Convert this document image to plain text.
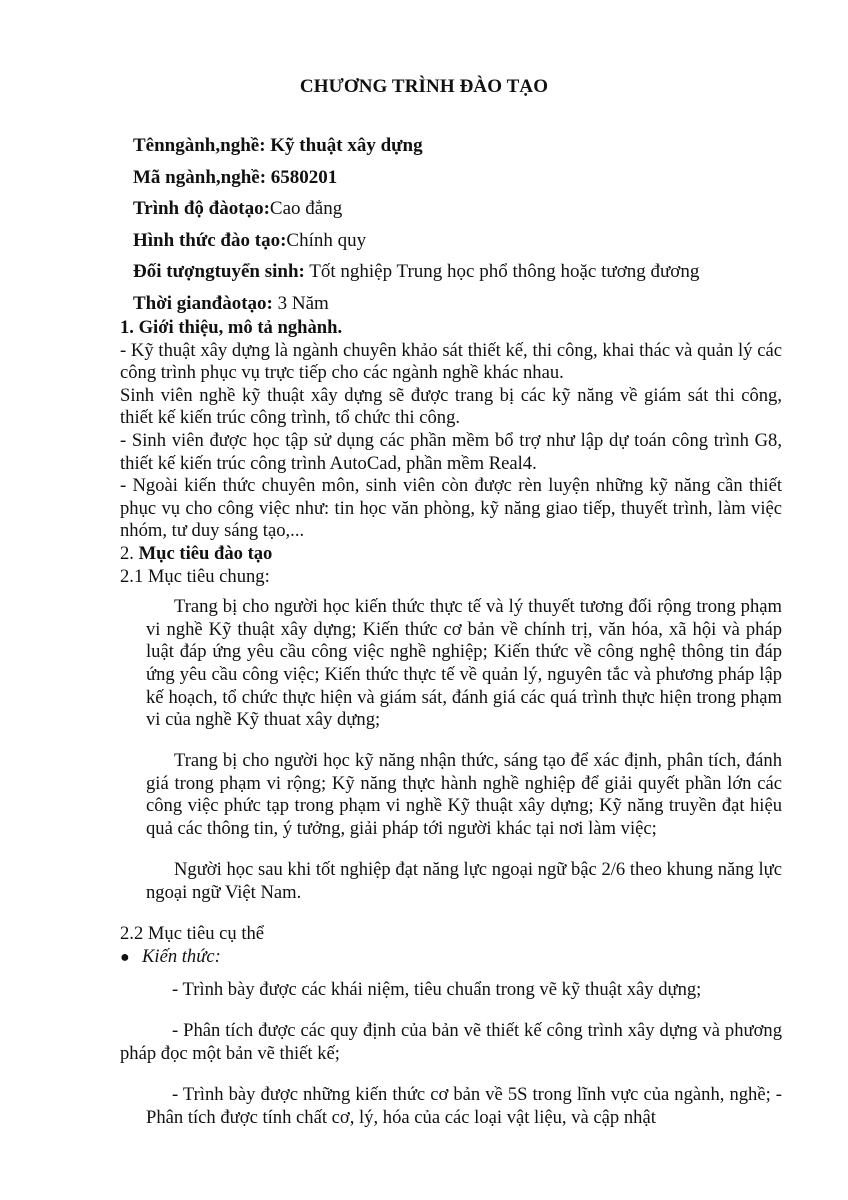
CHƯƠNG TRÌNH ĐÀO TẠO
Tênngành,nghề: Kỹ thuật xây dựng
Mã ngành,nghề: 6580201
Trình độ đàotạo:Cao đẳng
Hình thức đào tạo:Chính quy
Đối tượngtuyển sinh: Tốt nghiệp Trung học phổ thông hoặc tương đương
Thời gianđàotạo: 3 Năm

1. Giới thiệu, mô tả nghành.

- Kỹ thuật xây dựng là ngành chuyên khảo sát thiết kế, thi công, khai thác và quản lý các công trình phục vụ trực tiếp cho các ngành nghề khác nhau.

Sinh viên nghề kỹ thuật xây dựng sẽ được trang bị các kỹ năng về giám sát thi công, thiết kế kiến trúc công trình, tổ chức thi công.

- Sinh viên được học tập sử dụng các phần mềm bổ trợ như lập dự toán công trình G8, thiết kế kiến trúc công trình AutoCad, phần mềm Real4.

- Ngoài kiến thức chuyên môn, sinh viên còn được rèn luyện những kỹ năng cần thiết phục vụ cho công việc như: tin học văn phòng, kỹ năng giao tiếp, thuyết trình, làm việc nhóm, tư duy sáng tạo,...

2. Mục tiêu đào tạo

2.1 Mục tiêu chung:

Trang bị cho người học kiến thức thực tế và lý thuyết tương đối rộng trong phạm vi nghề Kỹ thuật xây dựng; Kiến thức cơ bản về chính trị, văn hóa, xã hội và pháp luật đáp ứng yêu cầu công việc nghề nghiệp; Kiến thức về công nghệ thông tin đáp ứng yêu cầu công việc; Kiến thức thực tế về quản lý, nguyên tắc và phương pháp lập kế hoạch, tổ chức thực hiện và giám sát, đánh giá các quá trình thực hiện trong phạm vi của nghề Kỹ thuat xây dựng;

Trang bị cho người học kỹ năng nhận thức, sáng tạo để xác định, phân tích, đánh giá trong phạm vi rộng; Kỹ năng thực hành nghề nghiệp để giải quyết phần lớn các công việc phức tạp trong phạm vi nghề Kỹ thuật xây dựng; Kỹ năng truyền đạt hiệu quả các thông tin, ý tưởng, giải pháp tới người khác tại nơi làm việc;

Người học sau khi tốt nghiệp đạt năng lực ngoại ngữ bậc 2/6 theo khung năng lực ngoại ngữ Việt Nam.

2.2 Mục tiêu cụ thể

● Kiến thức:

- Trình bày được các khái niệm, tiêu chuẩn trong vẽ kỹ thuật xây dựng;

- Phân tích được các quy định của bản vẽ thiết kế công trình xây dựng và phương pháp đọc một bản vẽ thiết kế;

- Trình bày được những kiến thức cơ bản về 5S trong lĩnh vực của ngành, nghề; - Phân tích được tính chất cơ, lý, hóa của các loại vật liệu, và cập nhật
